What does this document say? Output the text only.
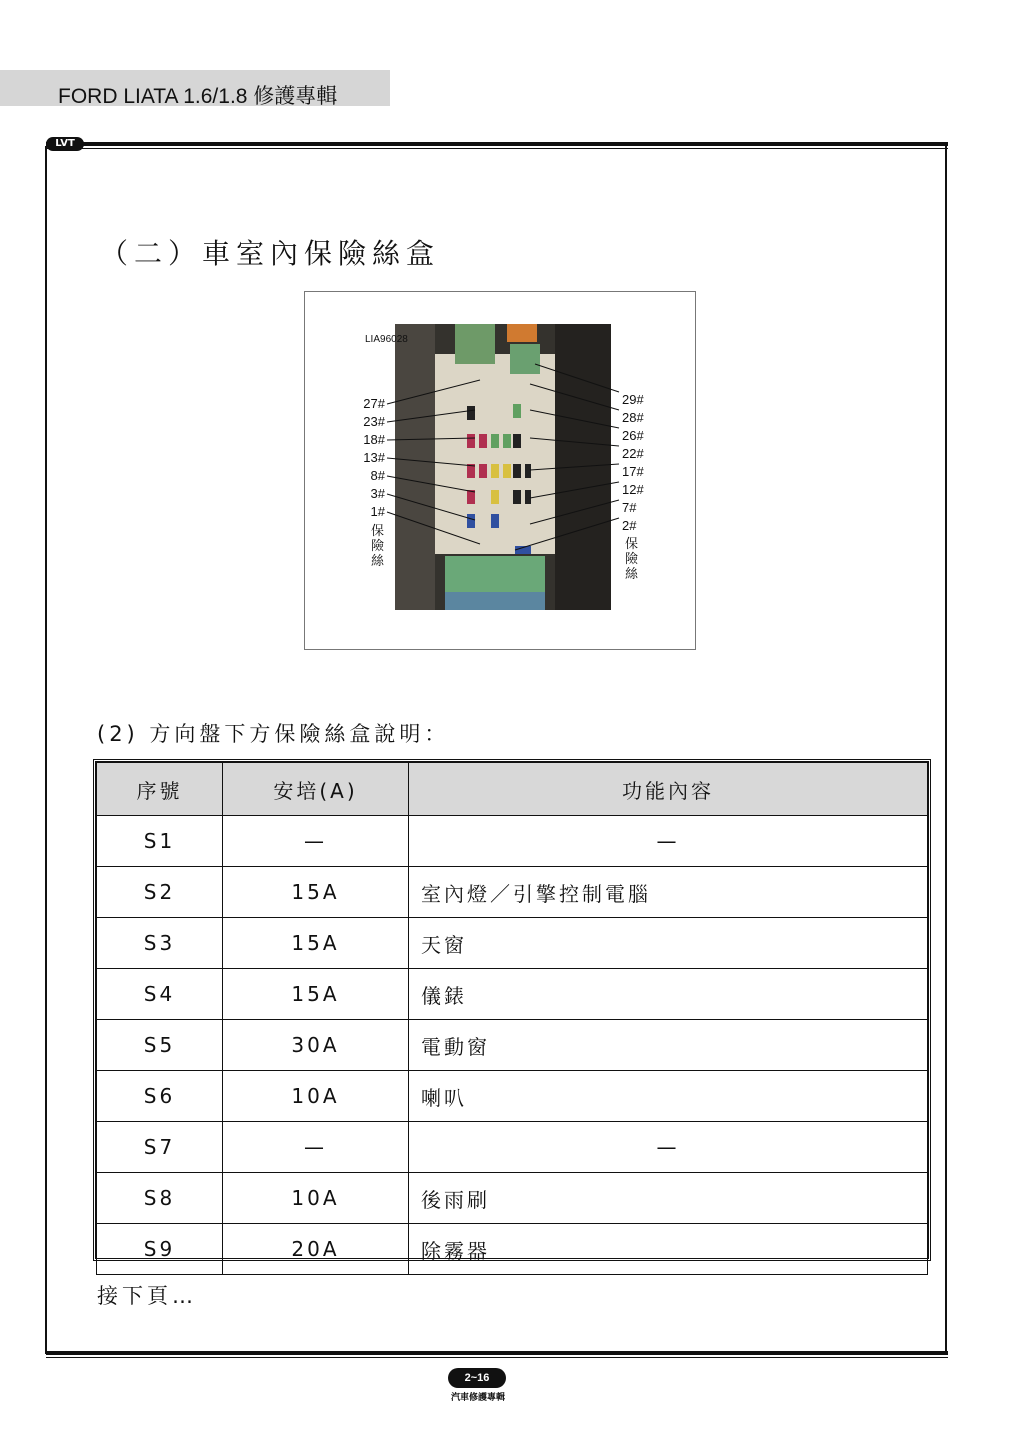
FORD LIATA 1.6/1.8 修護專輯
LVT
（二）車室內保險絲盒
LIA96028
27#
23#
18#
13#
8#
3#
1#
保
險
絲
29#
28#
26#
22#
17#
12#
7#
2#
保
險
絲
(2) 方向盤下方保險絲盒說明：
序號	安培(A)	功能內容
S1	—	—
S2	15A	室內燈／引擎控制電腦
S3	15A	天窗
S4	15A	儀錶
S5	30A	電動窗
S6	10A	喇叭
S7	—	—
S8	10A	後雨刷
S9	20A	除霧器
接下頁…
2~16
汽車修護專輯
